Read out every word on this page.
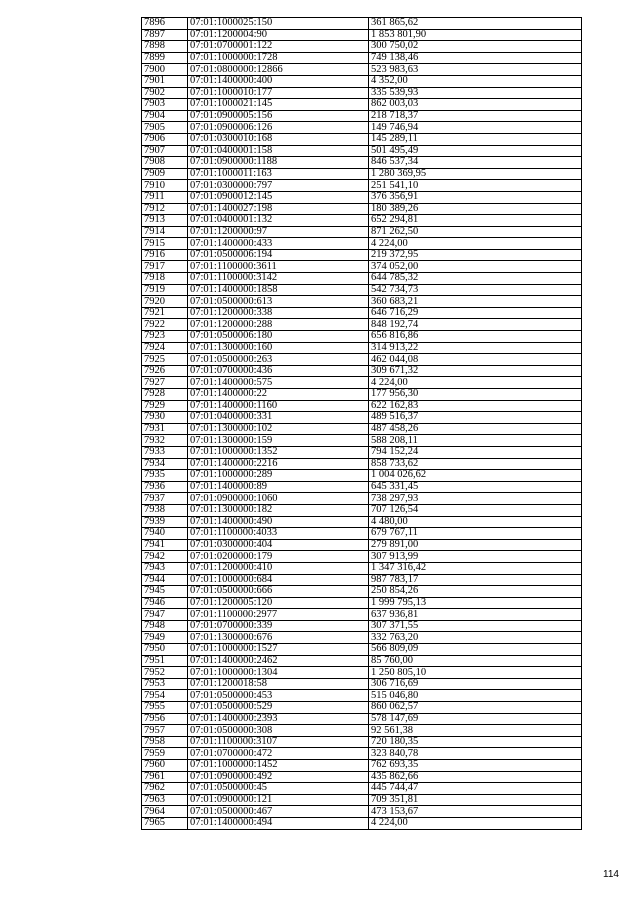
7896	07:01:1000025:150	361 865,62
7897	07:01:1200004:90	1 853 801,90
7898	07:01:0700001:122	300 750,02
7899	07:01:1000000:1728	749 138,46
7900	07:01:0800000:12866	523 983,63
7901	07:01:1400000:400	4 352,00
7902	07:01:1000010:177	335 539,93
7903	07:01:1000021:145	862 003,03
7904	07:01:0900005:156	218 718,37
7905	07:01:0900006:126	149 746,94
7906	07:01:0300010:168	145 289,11
7907	07:01:0400001:158	501 495,49
7908	07:01:0900000:1188	846 537,34
7909	07:01:1000011:163	1 280 369,95
7910	07:01:0300000:797	251 541,10
7911	07:01:0900012:145	376 356,91
7912	07:01:1400027:198	180 389,26
7913	07:01:0400001:132	652 294,81
7914	07:01:1200000:97	871 262,50
7915	07:01:1400000:433	4 224,00
7916	07:01:0500006:194	219 372,95
7917	07:01:1100000:3611	374 052,00
7918	07:01:1100000:3142	644 785,32
7919	07:01:1400000:1858	542 734,73
7920	07:01:0500000:613	360 683,21
7921	07:01:1200000:338	646 716,29
7922	07:01:1200000:288	848 192,74
7923	07:01:0500006:180	656 816,86
7924	07:01:1300000:160	314 913,22
7925	07:01:0500000:263	462 044,08
7926	07:01:0700000:436	309 671,32
7927	07:01:1400000:575	4 224,00
7928	07:01:1400000:22	177 956,30
7929	07:01:1400000:1160	622 162,83
7930	07:01:0400000:331	489 516,37
7931	07:01:1300000:102	487 458,26
7932	07:01:1300000:159	588 208,11
7933	07:01:1000000:1352	794 152,24
7934	07:01:1400000:2216	858 733,62
7935	07:01:1000000:289	1 004 026,62
7936	07:01:1400000:89	645 331,45
7937	07:01:0900000:1060	738 297,93
7938	07:01:1300000:182	707 126,54
7939	07:01:1400000:490	4 480,00
7940	07:01:1100000:4033	679 767,11
7941	07:01:0300000:404	279 891,00
7942	07:01:0200000:179	307 913,99
7943	07:01:1200000:410	1 347 316,42
7944	07:01:1000000:684	987 783,17
7945	07:01:0500000:666	250 854,26
7946	07:01:1200005:120	1 999 795,13
7947	07:01:1100000:2977	637 936,81
7948	07:01:0700000:339	307 371,55
7949	07:01:1300000:676	332 763,20
7950	07:01:1000000:1527	566 809,09
7951	07:01:1400000:2462	85 760,00
7952	07:01:1000000:1304	1 250 805,10
7953	07:01:1200018:58	306 716,69
7954	07:01:0500000:453	515 046,80
7955	07:01:0500000:529	860 062,57
7956	07:01:1400000:2393	578 147,69
7957	07:01:0500000:308	92 561,38
7958	07:01:1100000:3107	720 180,35
7959	07:01:0700000:472	323 840,78
7960	07:01:1000000:1452	762 693,35
7961	07:01:0900000:492	435 862,66
7962	07:01:0500000:45	445 744,47
7963	07:01:0900000:121	709 351,81
7964	07:01:0500000:467	473 153,67
7965	07:01:1400000:494	4 224,00
114
